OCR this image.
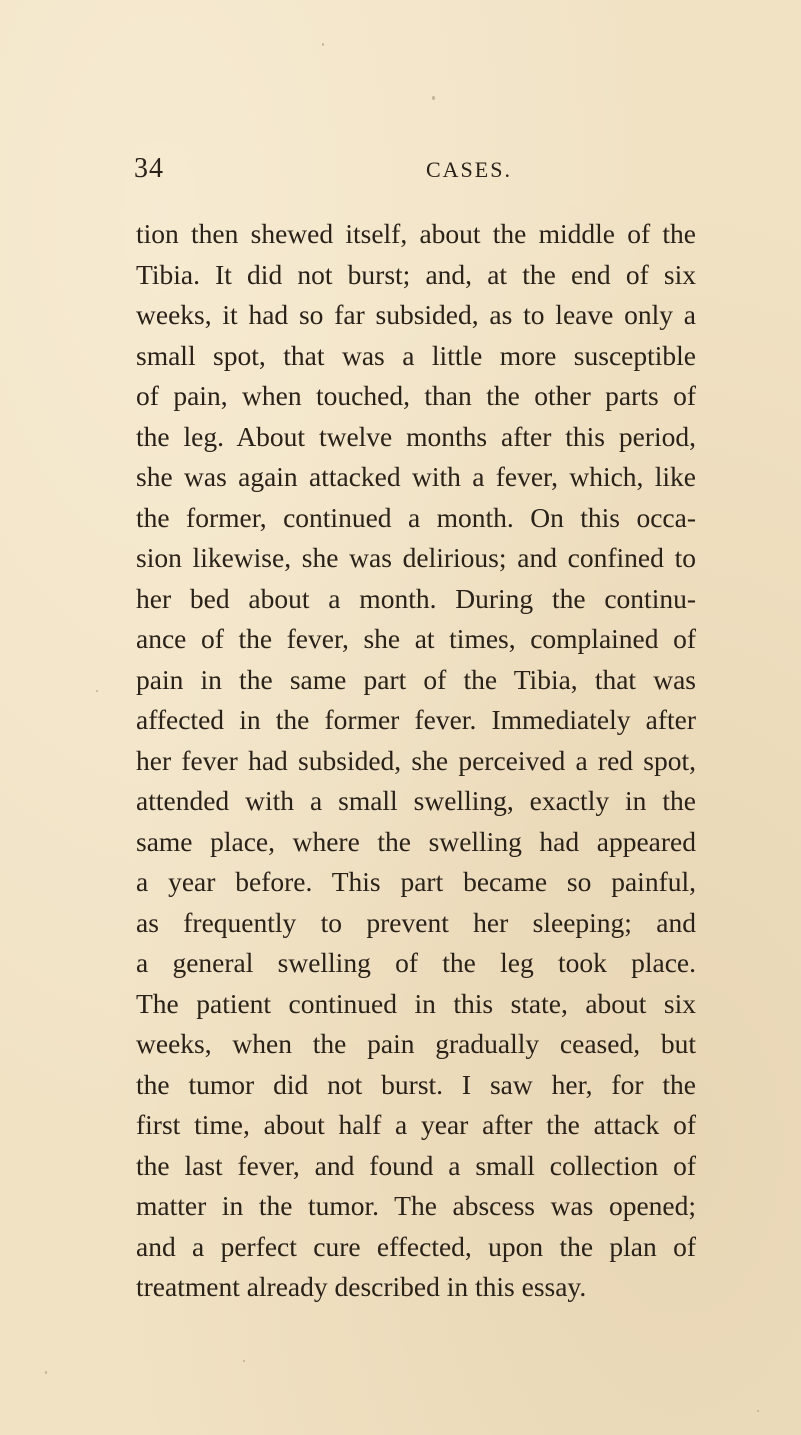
34	CASES.
tion then shewed itself, about the middle of the
Tibia. It did not burst; and, at the end of six
weeks, it had so far subsided, as to leave only a
small spot, that was a little more susceptible
of pain, when touched, than the other parts of
the leg. About twelve months after this period,
she was again attacked with a fever, which, like
the former, continued a month. On this occa-
sion likewise, she was delirious; and confined to
her bed about a month. During the continu-
ance of the fever, she at times, complained of
pain in the same part of the Tibia, that was
affected in the former fever. Immediately after
her fever had subsided, she perceived a red spot,
attended with a small swelling, exactly in the
same place, where the swelling had appeared
a year before. This part became so painful,
as frequently to prevent her sleeping; and
a general swelling of the leg took place.
The patient continued in this state, about six
weeks, when the pain gradually ceased, but
the tumor did not burst. I saw her, for the
first time, about half a year after the attack of
the last fever, and found a small collection of
matter in the tumor. The abscess was opened;
and a perfect cure effected, upon the plan of
treatment already described in this essay.
